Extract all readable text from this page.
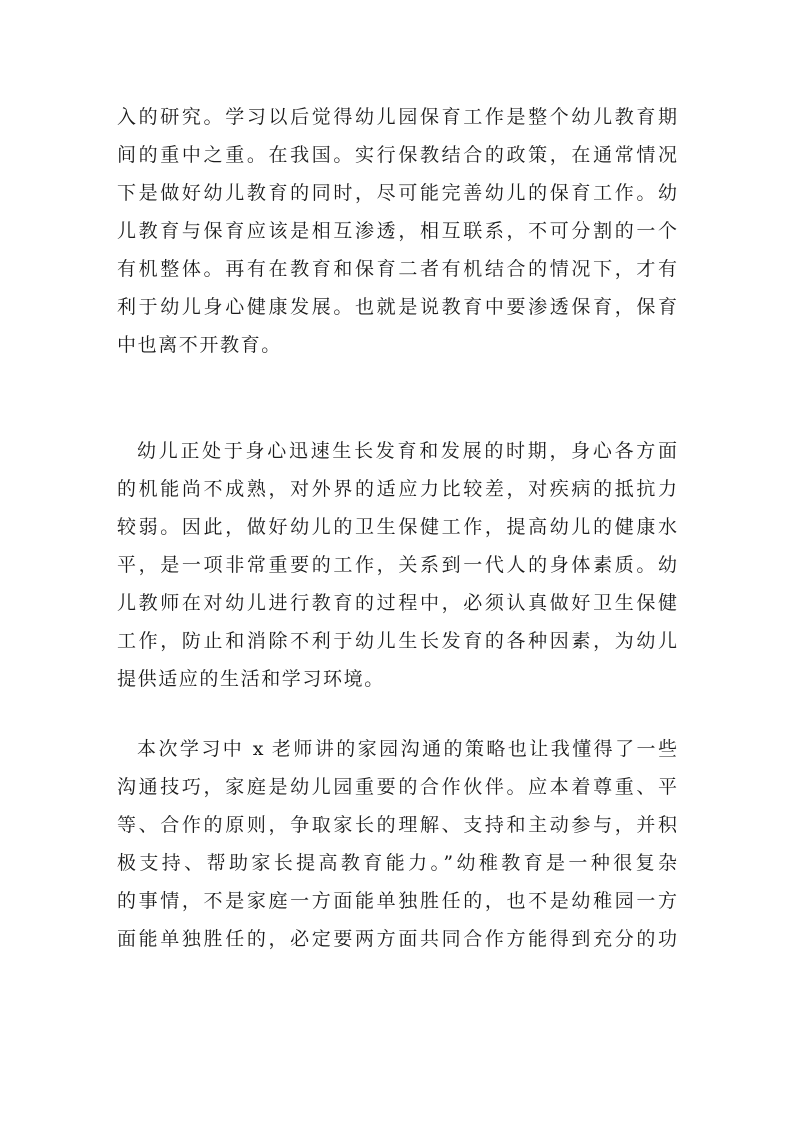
入的研究。学习以后觉得幼儿园保育工作是整个幼儿教育期
间的重中之重。在我国。实行保教结合的政策，在通常情况
下是做好幼儿教育的同时，尽可能完善幼儿的保育工作。幼
儿教育与保育应该是相互渗透，相互联系，不可分割的一个
有机整体。再有在教育和保育二者有机结合的情况下，才有
利于幼儿身心健康发展。也就是说教育中要渗透保育，保育
中也离不开教育。
幼儿正处于身心迅速生长发育和发展的时期，身心各方面
的机能尚不成熟，对外界的适应力比较差，对疾病的抵抗力
较弱。因此，做好幼儿的卫生保健工作，提高幼儿的健康水
平，是一项非常重要的工作，关系到一代人的身体素质。幼
儿教师在对幼儿进行教育的过程中，必须认真做好卫生保健
工作，防止和消除不利于幼儿生长发育的各种因素，为幼儿
提供适应的生活和学习环境。
本次学习中 x 老师讲的家园沟通的策略也让我懂得了一些
沟通技巧，家庭是幼儿园重要的合作伙伴。应本着尊重、平
等、合作的原则，争取家长的理解、支持和主动参与，并积
极支持、帮助家长提高教育能力。”幼稚教育是一种很复杂
的事情，不是家庭一方面能单独胜任的，也不是幼稚园一方
面能单独胜任的，必定要两方面共同合作方能得到充分的功
